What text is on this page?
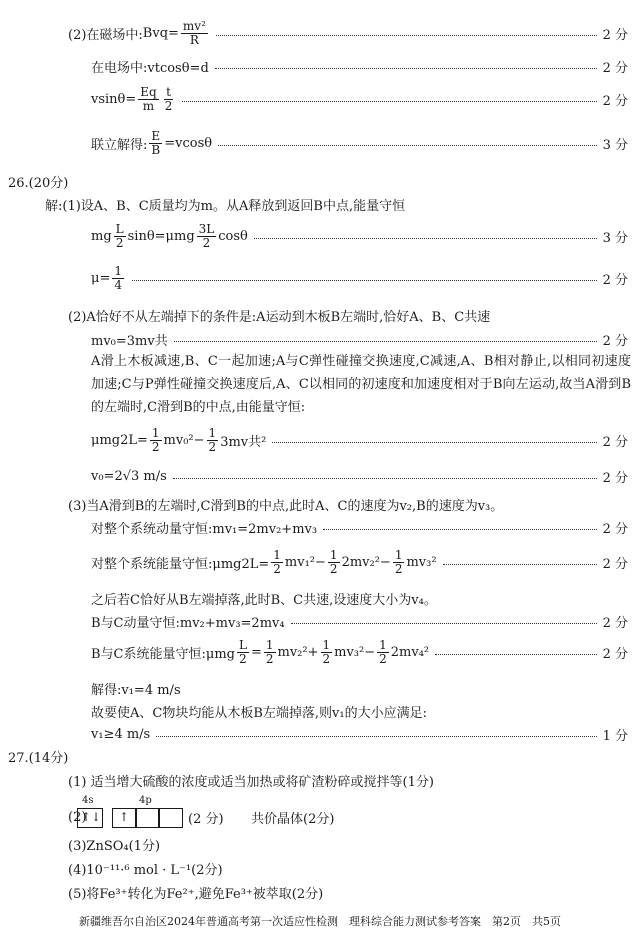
(2)在磁场中: $Bvq= \frac{\text{mv²}}{R}$	2 分
在电场中:vtcosθ=d	2 分
$vsin\theta= \frac{Eq}{m} \frac{t}{2}$	2 分
联立解得: $\frac{E}{B} =vcos\theta$	3 分
26.(20分)
解:(1)设A、B、C质量均为m。从A释放到返回B中点,能量守恒
mg $\frac{L}{2} \sin\theta=\mu mg \frac{3L}{2}$ cosθ	3 分
$\mu= \frac{1}{4}$	2 分
(2)A恰好不从左端掉下的条件是:A运动到木板B左端时,恰好A、B、C共速
mv₀=3mv共	2 分
A滑上木板减速,B、C一起加速;A与C弹性碰撞交换速度,C减速,A、B相对静止,以相同初速度加速;C与P弹性碰撞交换速度后,A、C以相同的初速度和加速度相对于B向左运动,故当A滑到B的左端时,C滑到B的中点,由能量守恒:
$\mu mg2L= \frac{1}{2} mv_0^2- \frac{1}{2} 3mv$共²	2 分
v₀=2√3 m/s	2 分
(3)当A滑到B的左端时,C滑到B的中点,此时A、C的速度为v₂,B的速度为v₃。
对整个系统动量守恒:mv₁=2mv₂+mv₃	2 分
对整个系统能量守恒:μmg2L= $\frac{1}{2} mv_1^2- \frac{1}{2} 2mv_2^2- \frac{1}{2} mv_3^2$	2 分
之后若C恰好从B左端掉落,此时B、C共速,设速度大小为v₄。
B与C动量守恒:mv₂+mv₃=2mv₄	2 分
B与C系统能量守恒:μmg $\frac{L}{2} = \frac{1}{2} mv_2^2+ \frac{1}{2} mv_3^2- \frac{1}{2} 2mv_4^2$	2 分
解得:v₁=4 m/s
故要使A、C物块均能从木板B左端掉落,则v₁的大小应满足:
v₁≥4 m/s	1 分
27.(14分)
(1) 适当增大硫酸的浓度或适当加热或将矿渣粉碎或搅拌等(1分)
(2)
4s	4p
↑↓ ↑	(2 分) 共价晶体(2分)
(3)ZnSO₄(1分)
(4)10⁻¹¹·⁶ mol · L⁻¹(2分)
(5)将Fe³⁺转化为Fe²⁺,避免Fe³⁺被萃取(2分)
新疆维吾尔自治区2024年普通高考第一次适应性检测　理科综合能力测试参考答案　第2页　共5页
